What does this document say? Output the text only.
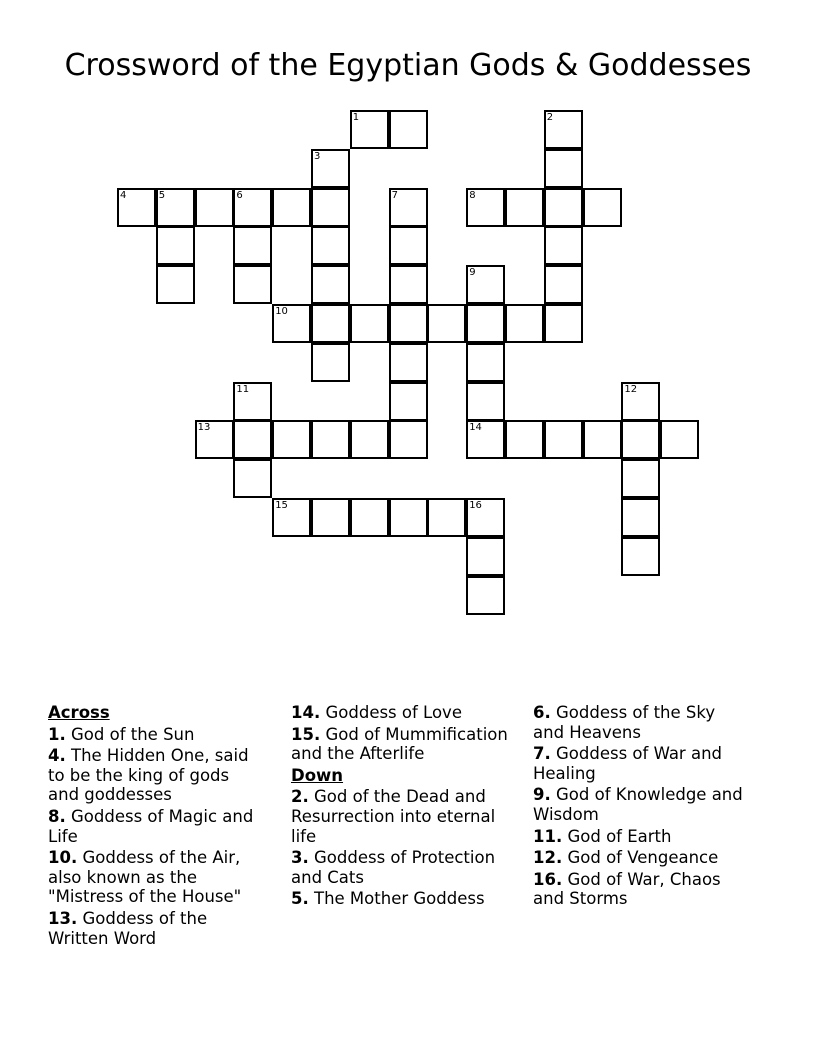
Crossword of the Egyptian Gods & Goddesses
1	2
3
4	5	6	7	8
9
10
11	12
13	14
15	16

Across

1. God of the Sun

4. The Hidden One, said to be the king of gods and goddesses

8. Goddess of Magic and Life

10. Goddess of the Air, also known as the "Mistress of the House"

13. Goddess of the Written Word

14. Goddess of Love

15. God of Mummification and the Afterlife

Down

2. God of the Dead and Resurrection into eternal life

3. Goddess of Protection and Cats

5. The Mother Goddess

6. Goddess of the Sky and Heavens

7. Goddess of War and Healing

9. God of Knowledge and Wisdom

11. God of Earth

12. God of Vengeance

16. God of War, Chaos and Storms
